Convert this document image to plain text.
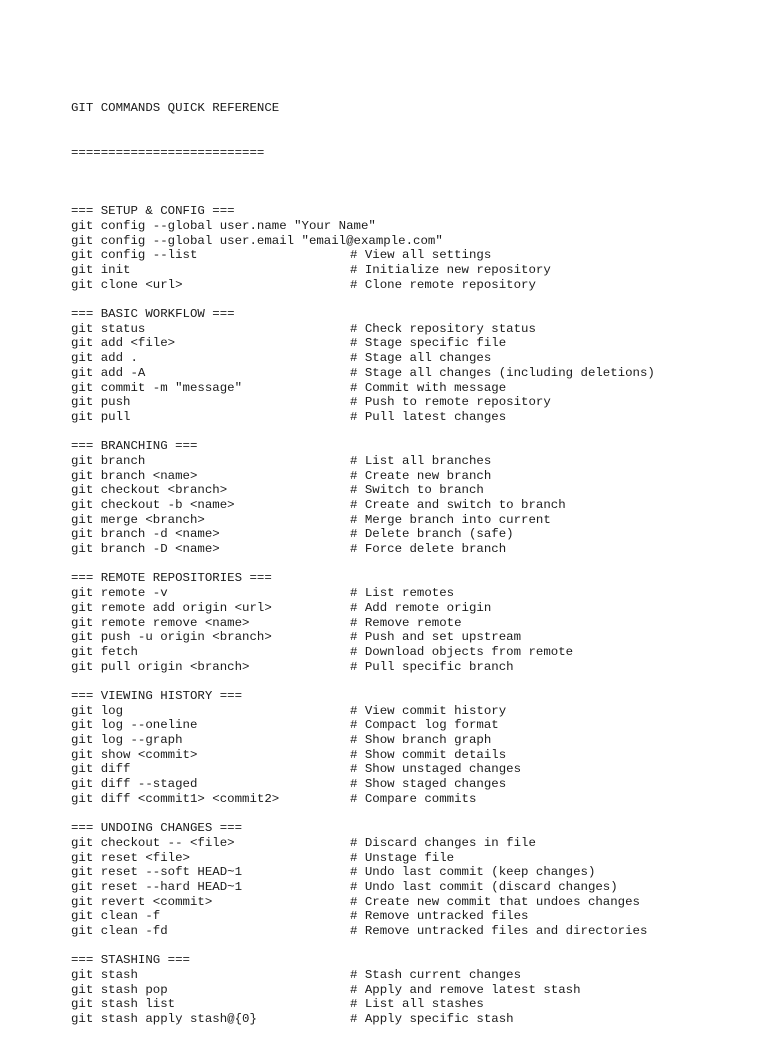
GIT COMMANDS QUICK REFERENCE

==========================

=== SETUP & CONFIG ===
git config --global user.name "Your Name"
git config --global user.email "email@example.com"
git config --list	# View all settings
git init	# Initialize new repository
git clone <url>	# Clone remote repository
=== BASIC WORKFLOW ===
git status	# Check repository status
git add <file>	# Stage specific file
git add .	# Stage all changes
git add -A	# Stage all changes (including deletions)
git commit -m "message"	# Commit with message
git push	# Push to remote repository
git pull	# Pull latest changes
=== BRANCHING ===
git branch	# List all branches
git branch <name>	# Create new branch
git checkout <branch>	# Switch to branch
git checkout -b <name>	# Create and switch to branch
git merge <branch>	# Merge branch into current
git branch -d <name>	# Delete branch (safe)
git branch -D <name>	# Force delete branch
=== REMOTE REPOSITORIES ===
git remote -v	# List remotes
git remote add origin <url>	# Add remote origin
git remote remove <name>	# Remove remote
git push -u origin <branch>	# Push and set upstream
git fetch	# Download objects from remote
git pull origin <branch>	# Pull specific branch
=== VIEWING HISTORY ===
git log	# View commit history
git log --oneline	# Compact log format
git log --graph	# Show branch graph
git show <commit>	# Show commit details
git diff	# Show unstaged changes
git diff --staged	# Show staged changes
git diff <commit1> <commit2>	# Compare commits
=== UNDOING CHANGES ===
git checkout -- <file>	# Discard changes in file
git reset <file>	# Unstage file
git reset --soft HEAD~1	# Undo last commit (keep changes)
git reset --hard HEAD~1	# Undo last commit (discard changes)
git revert <commit>	# Create new commit that undoes changes
git clean -f	# Remove untracked files
git clean -fd	# Remove untracked files and directories
=== STASHING ===
git stash	# Stash current changes
git stash pop	# Apply and remove latest stash
git stash list	# List all stashes
git stash apply stash@{0}	# Apply specific stash
